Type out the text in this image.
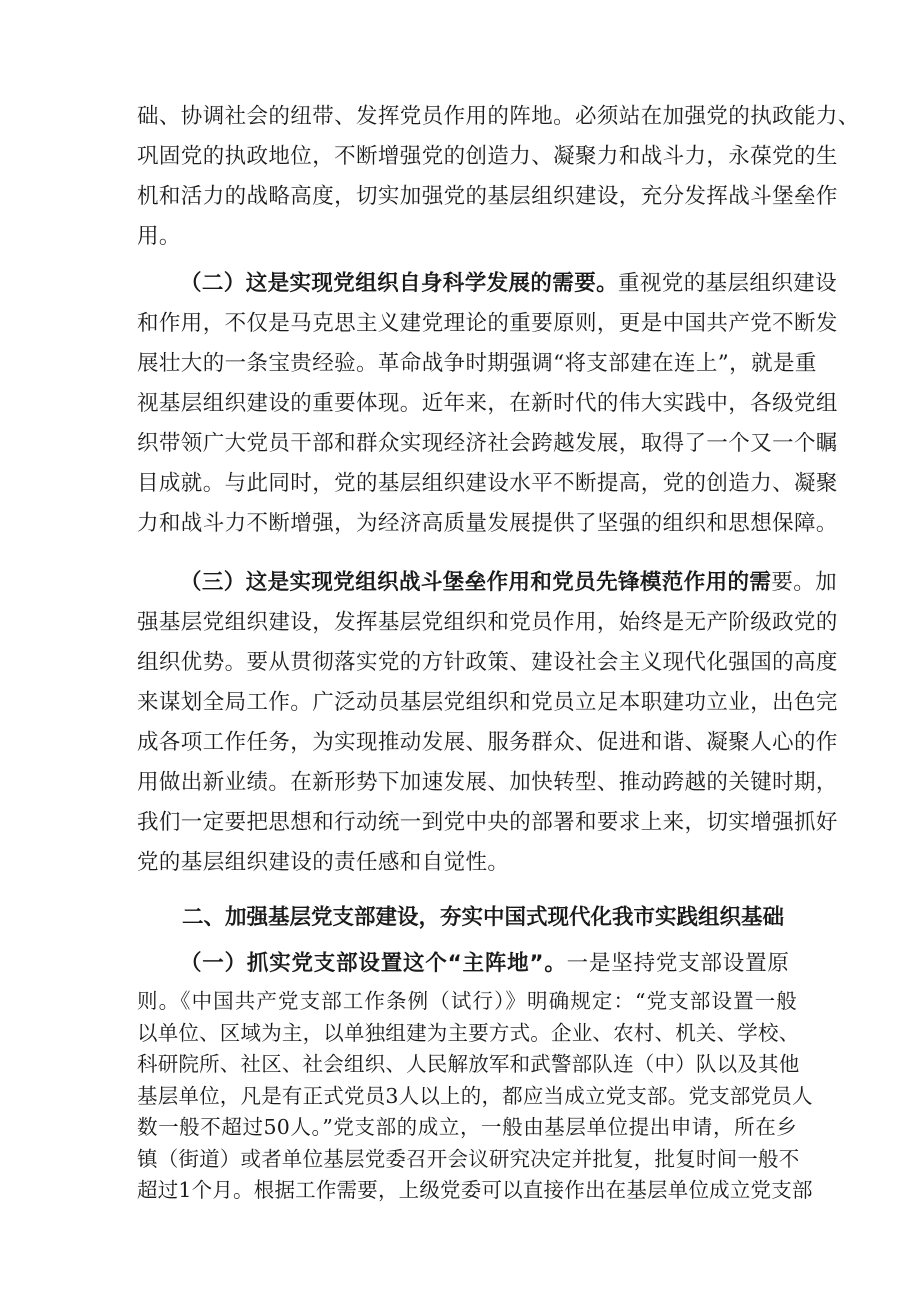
础、协调社会的纽带、发挥党员作用的阵地。必须站在加强党的执政能力、
巩固党的执政地位，不断增强党的创造力、凝聚力和战斗力，永葆党的生
机和活力的战略高度，切实加强党的基层组织建设，充分发挥战斗堡垒作
用。
（二）这是实现党组织自身科学发展的需要。重视党的基层组织建设
和作用，不仅是马克思主义建党理论的重要原则，更是中国共产党不断发
展壮大的一条宝贵经验。革命战争时期强调“将支部建在连上”，就是重
视基层组织建设的重要体现。近年来，在新时代的伟大实践中，各级党组
织带领广大党员干部和群众实现经济社会跨越发展，取得了一个又一个瞩
目成就。与此同时，党的基层组织建设水平不断提高，党的创造力、凝聚
力和战斗力不断增强，为经济高质量发展提供了坚强的组织和思想保障。
（三）这是实现党组织战斗堡垒作用和党员先锋模范作用的需要。加
强基层党组织建设，发挥基层党组织和党员作用，始终是无产阶级政党的
组织优势。要从贯彻落实党的方针政策、建设社会主义现代化强国的高度
来谋划全局工作。广泛动员基层党组织和党员立足本职建功立业，出色完
成各项工作任务，为实现推动发展、服务群众、促进和谐、凝聚人心的作
用做出新业绩。在新形势下加速发展、加快转型、推动跨越的关键时期，
我们一定要把思想和行动统一到党中央的部署和要求上来，切实增强抓好
党的基层组织建设的责任感和自觉性。
二、加强基层党支部建设，夯实中国式现代化我市实践组织基础
（一）抓实党支部设置这个“主阵地”。一是坚持党支部设置原
则。《中国共产党支部工作条例（试行）》明确规定：“党支部设置一般
以单位、区域为主，以单独组建为主要方式。企业、农村、机关、学校、
科研院所、社区、社会组织、人民解放军和武警部队连（中）队以及其他
基层单位，凡是有正式党员3人以上的，都应当成立党支部。党支部党员人
数一般不超过50人。”党支部的成立，一般由基层单位提出申请，所在乡
镇（街道）或者单位基层党委召开会议研究决定并批复，批复时间一般不
超过1个月。根据工作需要，上级党委可以直接作出在基层单位成立党支部
